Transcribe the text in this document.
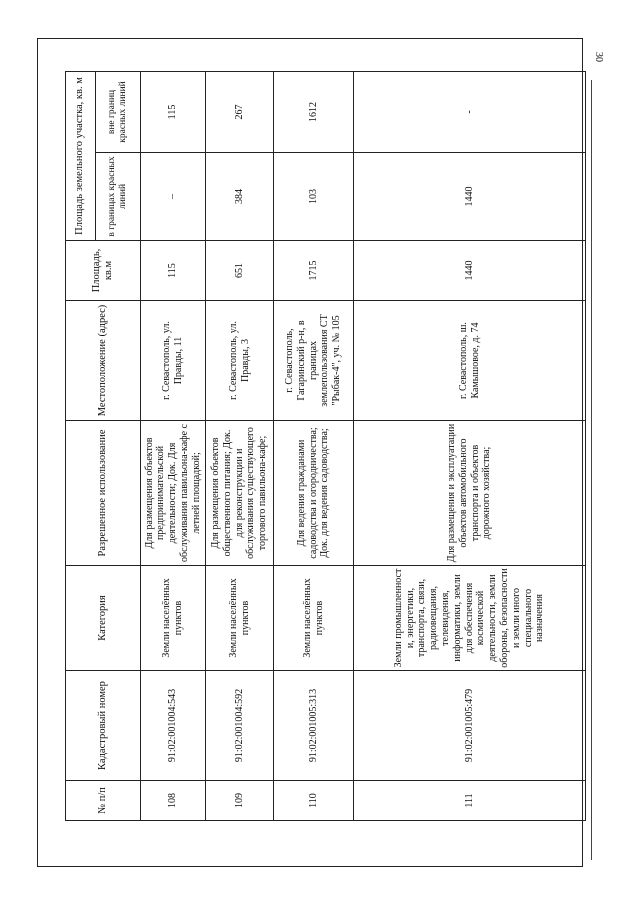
30
№ п/п	Кадастровый номер	Категория	Разрешенное использование	Местоположение (адрес)	Площадь, кв.м	Площадь земельного участка, кв. м	
						в границах красных линий	вне границ красных линий
108	91:02:001004:543	Земли населённых пунктов	Для размещения объектов предпринимательской деятельности; Док. Для обслуживания павильона-кафе с летней площадкой;	г. Севастополь, ул. Правды, 11	115	–	115
109	91:02:001004:592	Земли населённых пунктов	Для размещения объектов общественного питания; Док. для реконструкции и обслуживания существующего торгового павильона-кафе;	г. Севастополь, ул. Правды, 3	651	384	267
110	91:02:001005:313	Земли населённых пунктов	Для ведения гражданами садоводства и огородничества; Док. для ведения садоводства;	г. Севастополь, Гагаринский р-н, в границах землепользования СТ "Рыбак-4", уч. № 105	1715	103	1612
111	91:02:001005:479	Земли промышленност и, энергетики, транспорта, связи, радиовещания, телевидения, информатики, земли для обеспечения космической деятельности, земли обороны, безопасности и земли иного специального назначения	Для размещения и эксплуатации объектов автомобильного транспорта и объектов дорожного хозяйства;	г. Севастополь, ш. Камышовое, д. 74	1440	1440	-
